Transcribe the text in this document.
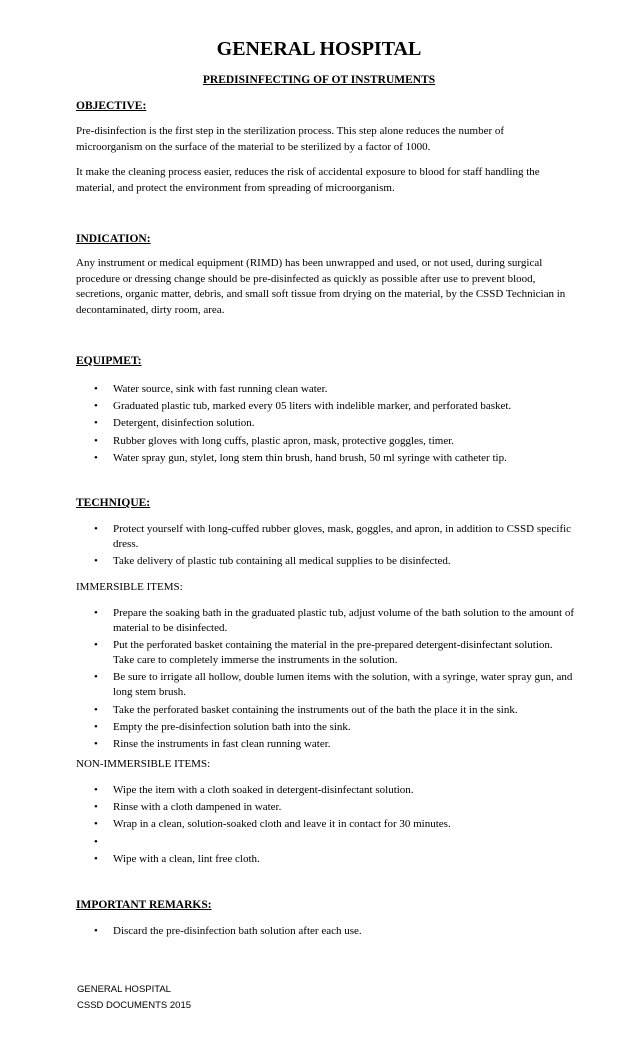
GENERAL HOSPITAL
PREDISINFECTING OF OT INSTRUMENTS
OBJECTIVE:
Pre-disinfection is the first step in the sterilization process. This step alone reduces the number of microorganism on the surface of the material to be sterilized by a factor of 1000.
It make the cleaning process easier, reduces the risk of accidental exposure to blood for staff handling the material, and protect the environment from spreading of microorganism.
INDICATION:
Any instrument or medical equipment (RIMD) has been unwrapped and used, or not used, during surgical procedure or dressing change should be pre-disinfected as quickly as possible after use to prevent blood, secretions, organic matter, debris, and small soft tissue from drying on the material, by the CSSD Technician in decontaminated, dirty room, area.
EQUIPMET:
• Water source, sink with fast running clean water.
• Graduated plastic tub, marked every 05 liters with indelible marker, and perforated basket.
• Detergent, disinfection solution.
• Rubber gloves with long cuffs, plastic apron, mask, protective goggles, timer.
• Water spray gun, stylet, long stem thin brush, hand brush, 50 ml syringe with catheter tip.
TECHNIQUE:
• Protect yourself with long-cuffed rubber gloves, mask, goggles, and apron, in addition to CSSD specific dress.
• Take delivery of plastic tub containing all medical supplies to be disinfected.
IMMERSIBLE ITEMS:
• Prepare the soaking bath in the graduated plastic tub, adjust volume of the bath solution to the amount of material to be disinfected.
• Put the perforated basket containing the material in the pre-prepared detergent-disinfectant solution. Take care to completely immerse the instruments in the solution.
• Be sure to irrigate all hollow, double lumen items with the solution, with a syringe, water spray gun, and long stem brush.
• Take the perforated basket containing the instruments out of the bath the place it in the sink.
• Empty the pre-disinfection solution bath into the sink.
• Rinse the instruments in fast clean running water.
NON-IMMERSIBLE ITEMS:
• Wipe the item with a cloth soaked in detergent-disinfectant solution.
• Rinse with a cloth dampened in water.
• Wrap in a clean, solution-soaked cloth and leave it in contact for 30 minutes.
•
• Wipe with a clean, lint free cloth.
IMPORTANT REMARKS:
• Discard the pre-disinfection bath solution after each use.
GENERAL HOSPITAL
CSSD DOCUMENTS 2015
